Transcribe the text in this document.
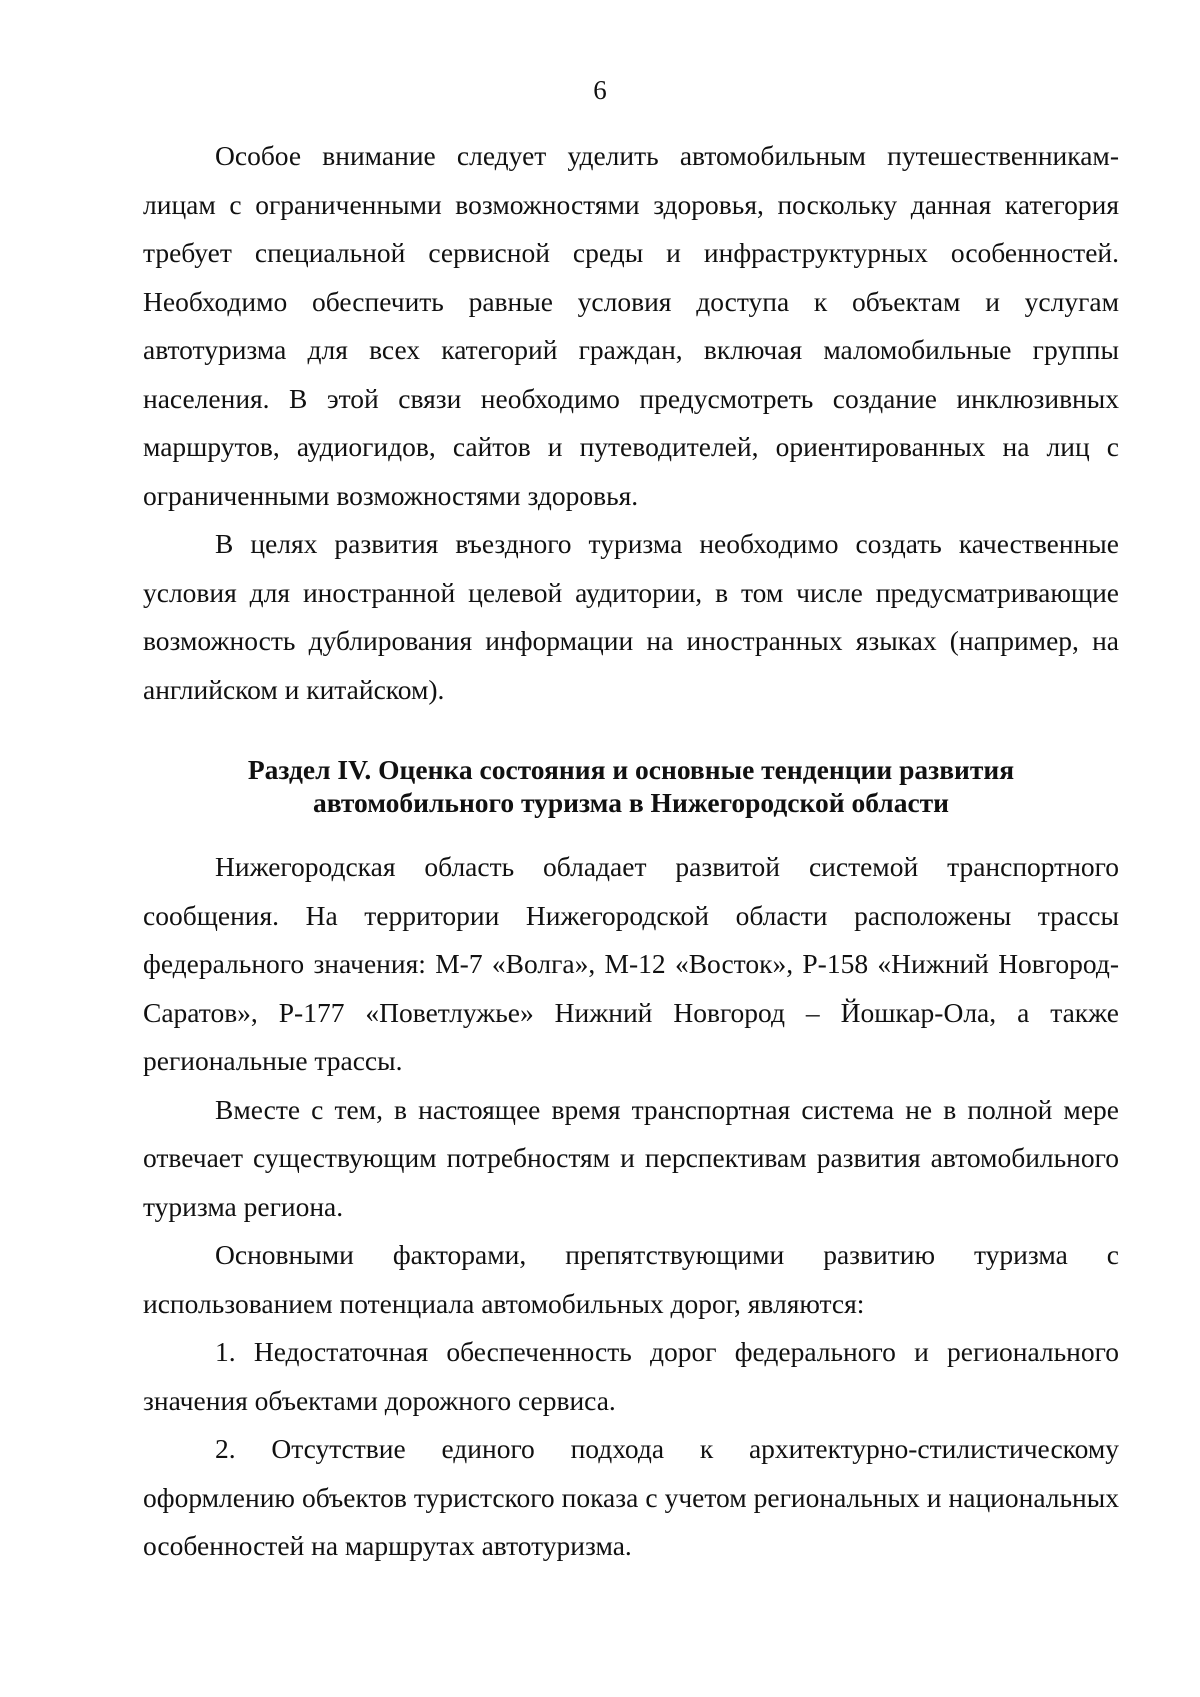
6

Особое внимание следует уделить автомобильным путешественникам-лицам с ограниченными возможностями здоровья, поскольку данная категория требует специальной сервисной среды и инфраструктурных особенностей. Необходимо обеспечить равные условия доступа к объектам и услугам автотуризма для всех категорий граждан, включая маломобильные группы населения. В этой связи необходимо предусмотреть создание инклюзивных маршрутов, аудиогидов, сайтов и путеводителей, ориентированных на лиц с ограниченными возможностями здоровья.

В целях развития въездного туризма необходимо создать качественные условия для иностранной целевой аудитории, в том числе предусматривающие возможность дублирования информации на иностранных языках (например, на английском и китайском).

Раздел IV. Оценка состояния и основные тенденции развития
автомобильного туризма в Нижегородской области

Нижегородская область обладает развитой системой транспортного сообщения. На территории Нижегородской области расположены трассы федерального значения: М-7 «Волга», М-12 «Восток», Р-158 «Нижний Новгород-Саратов», Р-177 «Поветлужье» Нижний Новгород – Йошкар-Ола, а также региональные трассы.

Вместе с тем, в настоящее время транспортная система не в полной мере отвечает существующим потребностям и перспективам развития автомобильного туризма региона.

Основными факторами, препятствующими развитию туризма с использованием потенциала автомобильных дорог, являются:

1. Недостаточная обеспеченность дорог федерального и регионального значения объектами дорожного сервиса.

2. Отсутствие единого подхода к архитектурно-стилистическому оформлению объектов туристского показа с учетом региональных и национальных особенностей на маршрутах автотуризма.
